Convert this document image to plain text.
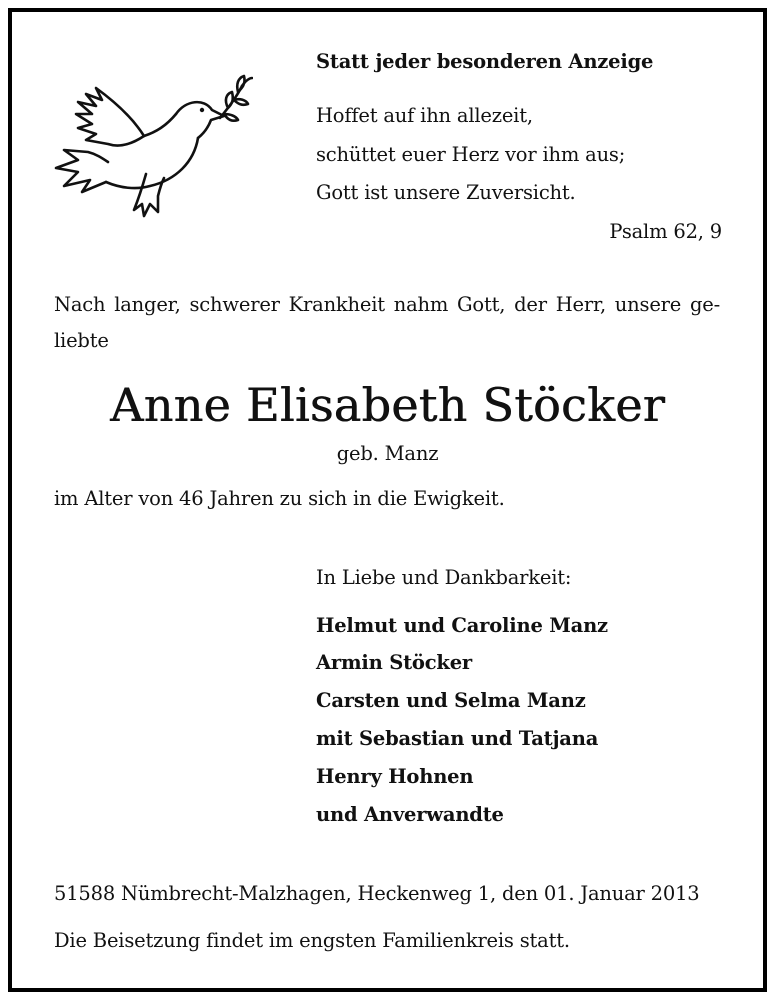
Statt jeder besonderen Anzeige
Hoffet auf ihn allezeit,
schüttet euer Herz vor ihm aus;
Gott ist unsere Zuversicht.
Psalm 62, 9
Nach langer, schwerer Krankheit nahm Gott, der Herr, unsere ge-
liebte
Anne Elisabeth Stöcker
geb. Manz
im Alter von 46 Jahren zu sich in die Ewigkeit.
In Liebe und Dankbarkeit:
Helmut und Caroline Manz
Armin Stöcker
Carsten und Selma Manz
mit Sebastian und Tatjana
Henry Hohnen
und Anverwandte
51588 Nümbrecht-Malzhagen, Heckenweg 1, den 01. Januar 2013
Die Beisetzung findet im engsten Familienkreis statt.
